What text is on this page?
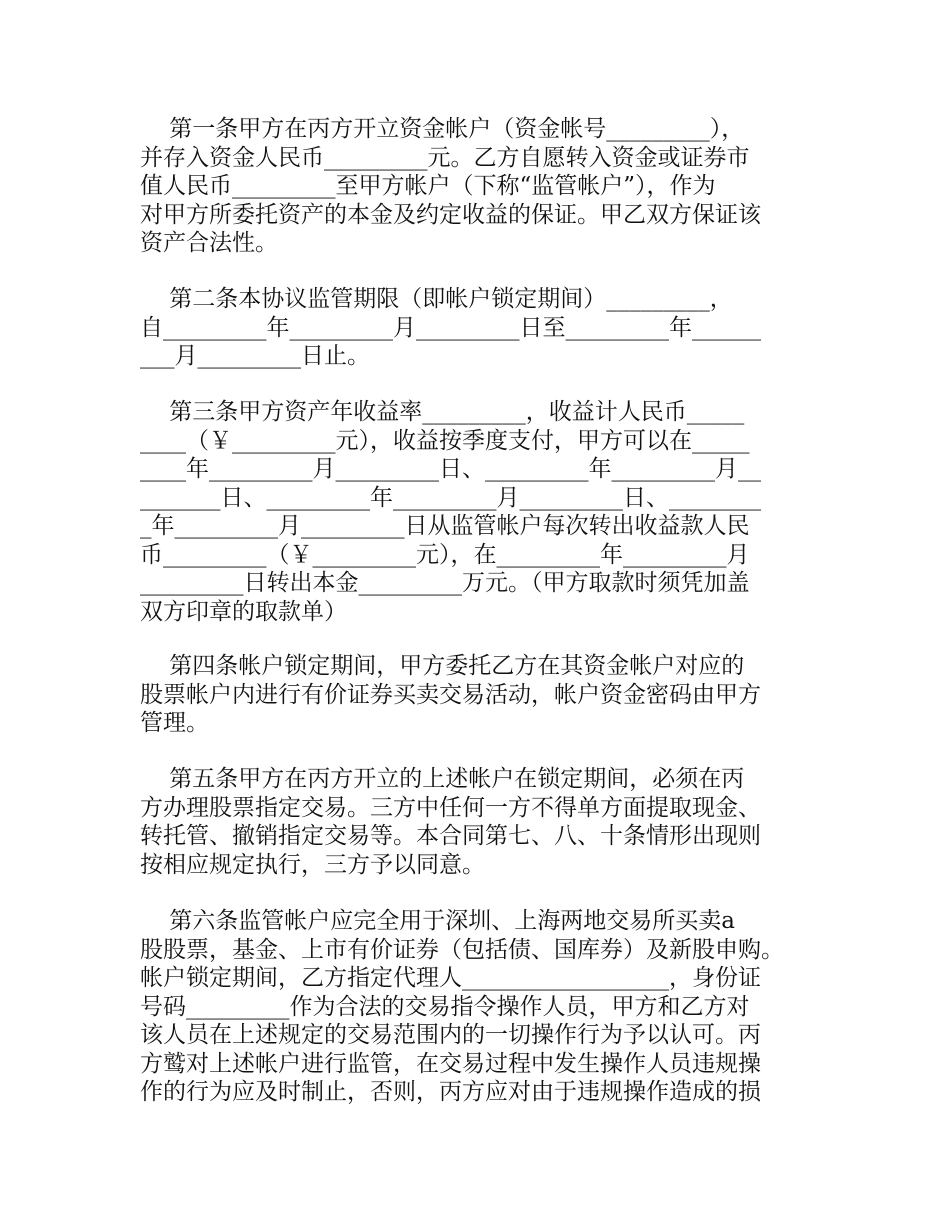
第一条甲方在丙方开立资金帐户（资金帐号_________），
并存入资金人民币_________元。乙方自愿转入资金或证券市
值人民币_________至甲方帐户（下称“监管帐户”），作为
对甲方所委托资产的本金及约定收益的保证。甲乙双方保证该
资产合法性。
第二条本协议监管期限（即帐户锁定期间）_________，
自_________年_________月_________日至_________年______
___月_________日止。
第三条甲方资产年收益率_________，收益计人民币_____
____（￥_________元），收益按季度支付，甲方可以在_____
____年_________月_________日、_________年_________月__
_______日、_________年_________月_________日、________
_年_________月_________日从监管帐户每次转出收益款人民
币_________（￥_________元），在_________年_________月
_________日转出本金_________万元。（甲方取款时须凭加盖
双方印章的取款单）
第四条帐户锁定期间，甲方委托乙方在其资金帐户对应的
股票帐户内进行有价证券买卖交易活动，帐户资金密码由甲方
管理。
第五条甲方在丙方开立的上述帐户在锁定期间，必须在丙
方办理股票指定交易。三方中任何一方不得单方面提取现金、
转托管、撤销指定交易等。本合同第七、八、十条情形出现则
按相应规定执行，三方予以同意。
第六条监管帐户应完全用于深圳、上海两地交易所买卖a
股股票，基金、上市有价证券（包括债、国库券）及新股申购。
帐户锁定期间，乙方指定代理人__________________，身份证
号码_________作为合法的交易指令操作人员，甲方和乙方对
该人员在上述规定的交易范围内的一切操作行为予以认可。丙
方鹫对上述帐户进行监管，在交易过程中发生操作人员违规操
作的行为应及时制止，否则，丙方应对由于违规操作造成的损
